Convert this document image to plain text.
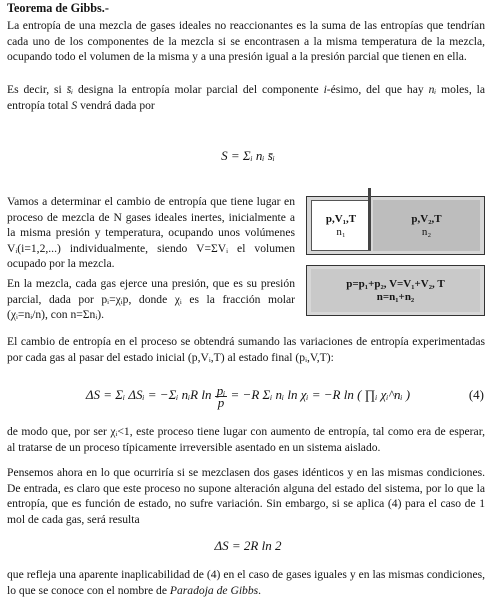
Teorema de Gibbs.-

La entropía de una mezcla de gases ideales no reaccionantes es la suma de las entropías que tendrían cada uno de los componentes de la mezcla si se encontrasen a la misma temperatura de la mezcla, ocupando todo el volumen de la misma y a una presión igual a la presión parcial que tienen en ella.

Es decir, si s̄ᵢ designa la entropía molar parcial del componente i-ésimo, del que hay nᵢ moles, la entropía total S vendrá dada por

S = Σᵢ nᵢ s̄ᵢ

Vamos a determinar el cambio de entropía que tiene lugar en proceso de mezcla de N gases ideales inertes, inicialmente a la misma presión y temperatura, ocupando unos volúmenes Vᵢ(i=1,2,...) individualmente, siendo V=ΣVᵢ el volumen ocupado por la mezcla.

p,V₁,T
n₁
p,V₂,T
n₂
p=p₁+p₂, V=V₁+V₂, T
n=n₁+n₂

En la mezcla, cada gas ejerce una presión, que es su presión parcial, dada por pᵢ=χᵢp, donde χᵢ es la fracción molar (χᵢ=nᵢ/n), con n=Σnᵢ).

El cambio de entropía en el proceso se obtendrá sumando las variaciones de entropía experimentadas por cada gas al pasar del estado inicial (p,Vᵢ,T) al estado final (pᵢ,V,T):

ΔS = Σᵢ ΔSᵢ = −Σᵢ nᵢR $\ln \frac{\text{pᵢ}}{p} = -R$ Σᵢ nᵢ ln χᵢ = −R ln ( ∏ᵢ χᵢ^nᵢ )	(4)

de modo que, por ser χᵢ<1, este proceso tiene lugar con aumento de entropía, tal como era de esperar, al tratarse de un proceso típicamente irreversible asentado en un sistema aislado.

Pensemos ahora en lo que ocurriría si se mezclasen dos gases idénticos y en las mismas condiciones. De entrada, es claro que este proceso no supone alteración alguna del estado del sistema, por lo que la entropía, que es función de estado, no sufre variación. Sin embargo, si se aplica (4) para el caso de 1 mol de cada gas, será resulta

ΔS = 2R ln 2

que refleja una aparente inaplicabilidad de (4) en el caso de gases iguales y en las mismas condiciones, lo que se conoce con el nombre de Paradoja de Gibbs.
